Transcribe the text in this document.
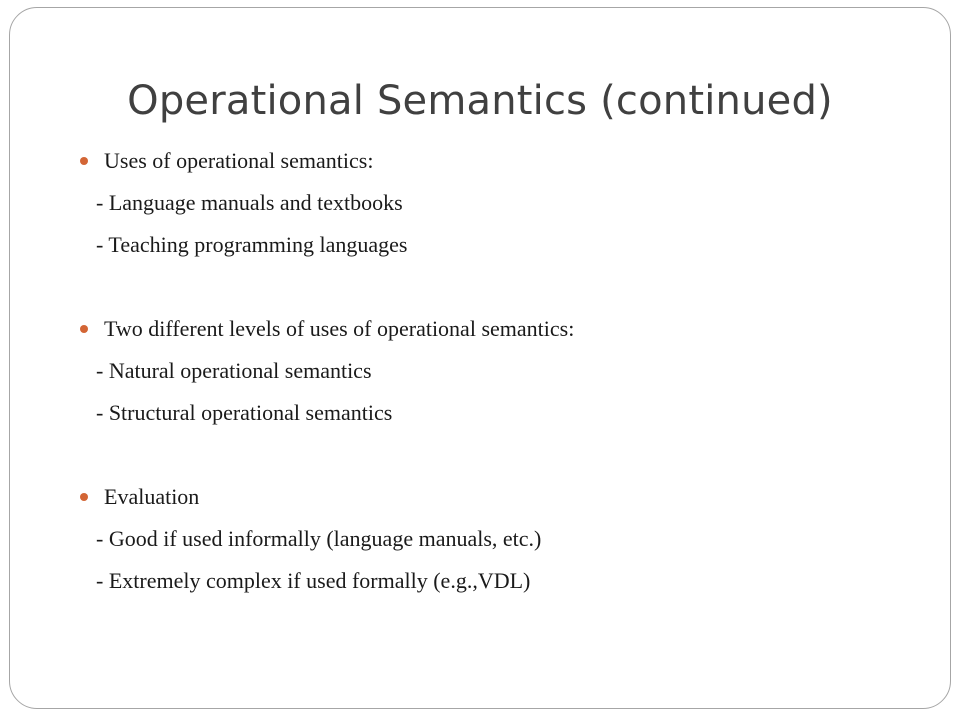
Operational Semantics (continued)
Uses of operational semantics:
- Language manuals and textbooks
- Teaching programming languages
Two different levels of uses of operational semantics:
- Natural operational semantics
- Structural operational semantics
Evaluation
- Good if used informally (language manuals, etc.)
- Extremely complex if used formally (e.g.,VDL)
